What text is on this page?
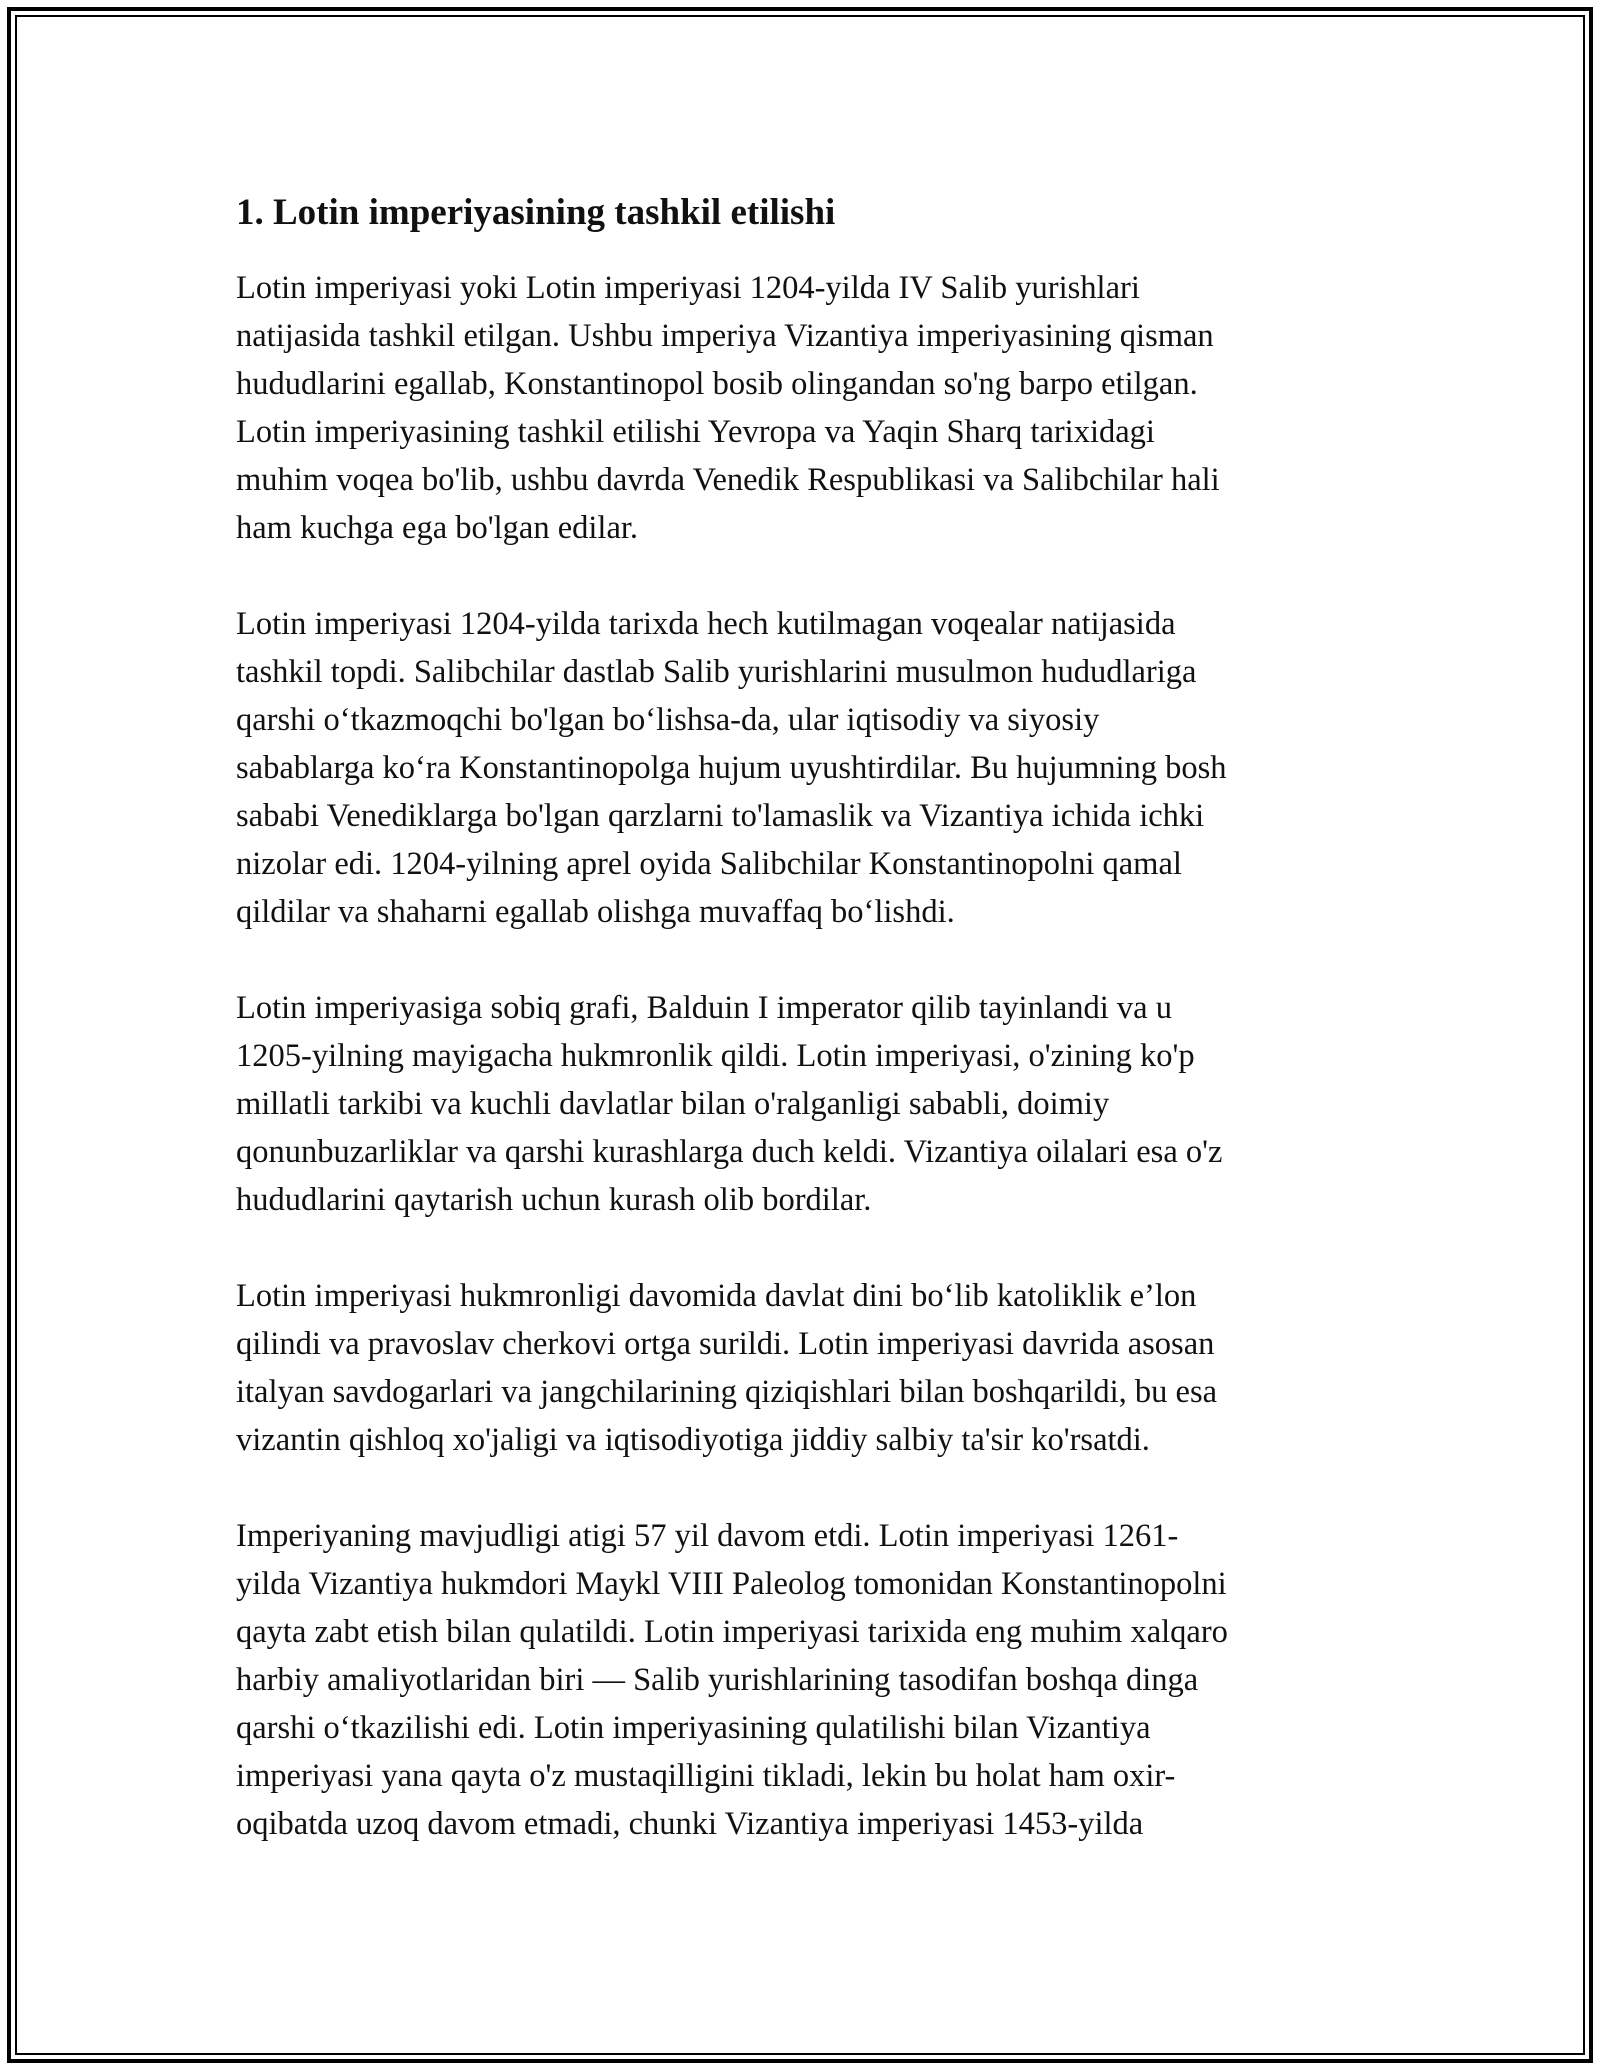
1. Lotin imperiyasining tashkil etilishi

Lotin imperiyasi yoki Lotin imperiyasi 1204-yilda IV Salib yurishlari
natijasida tashkil etilgan. Ushbu imperiya Vizantiya imperiyasining qisman
hududlarini egallab, Konstantinopol bosib olingandan so'ng barpo etilgan.
Lotin imperiyasining tashkil etilishi Yevropa va Yaqin Sharq tarixidagi
muhim voqea bo'lib, ushbu davrda Venedik Respublikasi va Salibchilar hali
ham kuchga ega bo'lgan edilar.

Lotin imperiyasi 1204-yilda tarixda hech kutilmagan voqealar natijasida
tashkil topdi. Salibchilar dastlab Salib yurishlarini musulmon hududlariga
qarshi o‘tkazmoqchi bo'lgan bo‘lishsa-da, ular iqtisodiy va siyosiy
sabablarga ko‘ra Konstantinopolga hujum uyushtirdilar. Bu hujumning bosh
sababi Venediklarga bo'lgan qarzlarni to'lamaslik va Vizantiya ichida ichki
nizolar edi. 1204-yilning aprel oyida Salibchilar Konstantinopolni qamal
qildilar va shaharni egallab olishga muvaffaq bo‘lishdi.

Lotin imperiyasiga sobiq grafi, Balduin I imperator qilib tayinlandi va u
1205-yilning mayigacha hukmronlik qildi. Lotin imperiyasi, o'zining ko'p
millatli tarkibi va kuchli davlatlar bilan o'ralganligi sababli, doimiy
qonunbuzarliklar va qarshi kurashlarga duch keldi. Vizantiya oilalari esa o'z
hududlarini qaytarish uchun kurash olib bordilar.

Lotin imperiyasi hukmronligi davomida davlat dini bo‘lib katoliklik e’lon
qilindi va pravoslav cherkovi ortga surildi. Lotin imperiyasi davrida asosan
italyan savdogarlari va jangchilarining qiziqishlari bilan boshqarildi, bu esa
vizantin qishloq xo'jaligi va iqtisodiyotiga jiddiy salbiy ta'sir ko'rsatdi.

Imperiyaning mavjudligi atigi 57 yil davom etdi. Lotin imperiyasi 1261-
yilda Vizantiya hukmdori Maykl VIII Paleolog tomonidan Konstantinopolni
qayta zabt etish bilan qulatildi. Lotin imperiyasi tarixida eng muhim xalqaro
harbiy amaliyotlaridan biri — Salib yurishlarining tasodifan boshqa dinga
qarshi o‘tkazilishi edi. Lotin imperiyasining qulatilishi bilan Vizantiya
imperiyasi yana qayta o'z mustaqilligini tikladi, lekin bu holat ham oxir-
oqibatda uzoq davom etmadi, chunki Vizantiya imperiyasi 1453-yilda
